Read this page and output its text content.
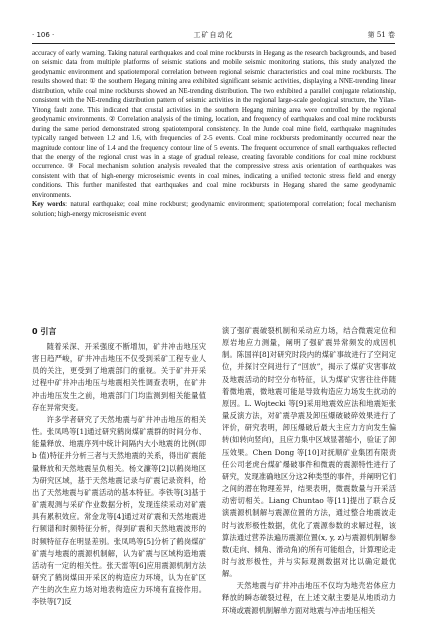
· 106 ·	工矿自动化	第 51 卷

accuracy of early warning. Taking natural earthquakes and coal mine rockbursts in Hegang as the research backgrounds, and based on seismic data from multiple platforms of seismic stations and mobile seismic monitoring stations, this study analyzed the geodynamic environment and spatiotemporal correlation between regional seismic characteristics and coal mine rockbursts. The results showed that: ① the southern Hegang mining area exhibited significant seismic activities, displaying a NNE-trending linear distribution, while coal mine rockbursts showed an NE-trending distribution. The two exhibited a parallel conjugate relationship, consistent with the NE-trending distribution pattern of seismic activities in the regional large-scale geological structure, the Yilan-Yitong fault zone. This indicated that crustal activities in the southern Hegang mining area were controlled by the regional geodynamic environments. ② Correlation analysis of the timing, location, and frequency of earthquakes and coal mine rockbursts during the same period demonstrated strong spatiotemporal consistency. In the Junde coal mine field, earthquake magnitudes typically ranged between 1.2 and 1.6, with frequencies of 2-5 events. Coal mine rockbursts predominantly occurred near the magnitude contour line of 1.4 and the frequency contour line of 5 events. The frequent occurrence of small earthquakes reflected that the energy of the regional crust was in a stage of gradual release, creating favorable conditions for coal mine rockburst occurrence. ③ Focal mechanism solution analysis revealed that the compressive stress axis orientation of earthquakes was consistent with that of high-energy microseismic events in coal mines, indicating a unified tectonic stress field and energy conditions. This further manifested that earthquakes and coal mine rockbursts in Hegang shared the same geodynamic environments.

Key words: natural earthquake; coal mine rockburst; geodynamic environment; spatiotemporal correlation; focal mechanism solution; high-energy microseismic event

0 引言

随着采深、开采强度不断增加，矿井冲击地压灾害日趋严峻，矿井冲击地压不仅受到采矿工程专业人员的关注，更受到了地震部门的重视。关于矿井开采过程中矿井冲击地压与地震相关性调查表明，在矿井冲击地压发生之前，地震部门门均监测到相关能量值存在异常突变。

许多学者研究了天然地震与矿井冲击地压的相关性。张凤鸣等[1]通过研究鹤岗煤矿震群的时间分布、能量释放、地震序列中统计间隔内大小地震的比例(即 b 值)特征并分析三者与天然地震的关系，得出矿震能量释放和天然地震呈负相关。杨文濂等[2]以鹤岗地区为研究区域，基于天然地震记录与矿震记录资料，给出了天然地震与矿震活动的基本特征。李铁等[3]基于矿震观测与采矿作业数据分析，发现连续采动对矿震具有累积效应。常金龙等[4]通过对矿震和天然地震进行频谱和时频特征分析，得到矿震和天然地震波形的时频特征存在明显差别。张凤鸣等[5]分析了鹤岗煤矿矿震与地震的震源机制解，认为矿震与区域构造地震活动有一定的相关性。张天雷等[6]应用震源机制方法研究了鹤岗煤田开采区的构造应力环境，认为在矿区产生的次生应力场对地表构造应力环境有直接作用。李铁等[7]反

演了强矿震破裂机制和采动应力场，结合微震定位和原岩地应力测量，阐明了强矿震异常频发的成因机制。陈国祥[8]对研究时段内的煤矿事故进行了空间定位，并探讨空间进行了“回放”，揭示了煤矿灾害事故及地震活动的时空分布特征，认为煤矿灾害往往伴随着微地震，微地震可能是导致构造应力场发生扰动的原因。L. Wojtecki 等[9]采用地震效应法和地震矩张量反演方法，对矿震孕震及卸压爆破破碎效果进行了评价，研究表明，卸压爆破后最大主应力方向发生偏转(如转向竖向)，且应力集中区域显著缩小，验证了卸压效果。Chen Dong 等[10]对抚顺矿业集团有限责任公司老虎台煤矿爆破事件和微震的震源特性进行了研究，发现准确地区分这2种类型的事件，并阐明它们之间的潜在物理差异，结果表明，微震数量与开采活动密切相关。Liang Chuntao 等[11]提出了联合反演震源机制解与震源位置的方法，通过整合地震波走时与波形极性数据，优化了震源参数的求解过程，该算法通过营养法遍历震源位置(x, y, z)与震源机制解参数(走向、倾角、滑动角)的所有可能组合，计算理论走时与波形极性，并与实际观测数据对比以确定最优解。

天然地震与矿井冲击地压不仅均为地壳岩体应力释放的瞬态破裂过程，在上述文献主要是从地质动力环境或震源机制解单方面对地震与冲击地压相关
